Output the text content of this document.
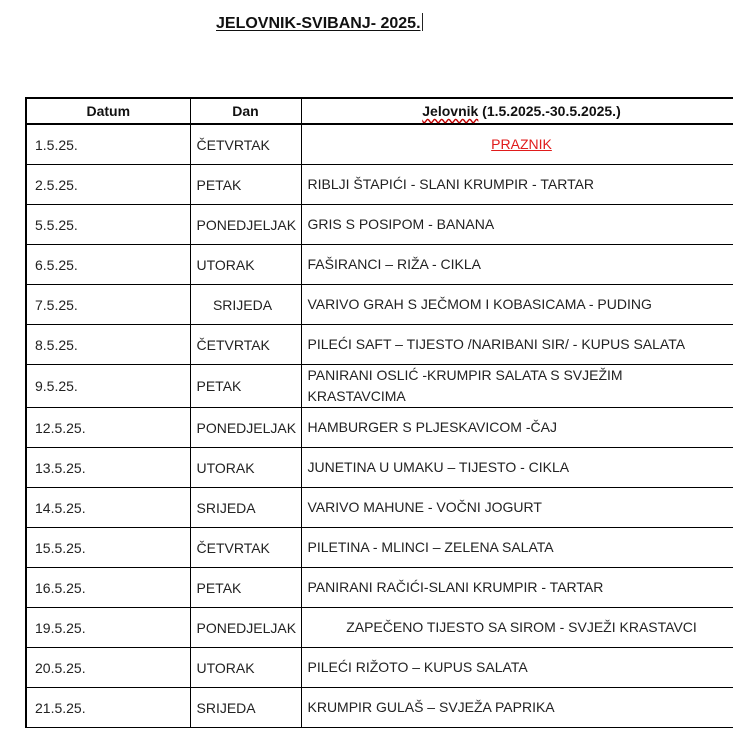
JELOVNIK-SVIBANJ- 2025.
Datum	Dan	Jelovnik (1.5.2025.-30.5.2025.)
1.5.25.	ČETVRTAK	PRAZNIK
2.5.25.	PETAK	RIBLJI ŠTAPIĆI - SLANI KRUMPIR - TARTAR
5.5.25.	PONEDJELJAK	GRIS S POSIPOM - BANANA
6.5.25.	UTORAK	FAŠIRANCI – RIŽA - CIKLA
7.5.25.	SRIJEDA	VARIVO GRAH S JEČMOM I KOBASICAMA - PUDING
8.5.25.	ČETVRTAK	PILEĆI SAFT – TIJESTO /NARIBANI SIR/ - KUPUS SALATA
9.5.25.	PETAK	PANIRANI OSLIĆ -KRUMPIR SALATA S SVJEŽIM KRASTAVCIMA
12.5.25.	PONEDJELJAK	HAMBURGER S PLJESKAVICOM -ČAJ
13.5.25.	UTORAK	JUNETINA U UMAKU – TIJESTO - CIKLA
14.5.25.	SRIJEDA	VARIVO MAHUNE - VOČNI JOGURT
15.5.25.	ČETVRTAK	PILETINA - MLINCI – ZELENA SALATA
16.5.25.	PETAK	PANIRANI RAČIĆI-SLANI KRUMPIR - TARTAR
19.5.25.	PONEDJELJAK	ZAPEČENO TIJESTO SA SIROM - SVJEŽI KRASTAVCI
20.5.25.	UTORAK	PILEĆI RIŽOTO – KUPUS SALATA
21.5.25.	SRIJEDA	KRUMPIR GULAŠ – SVJEŽA PAPRIKA
